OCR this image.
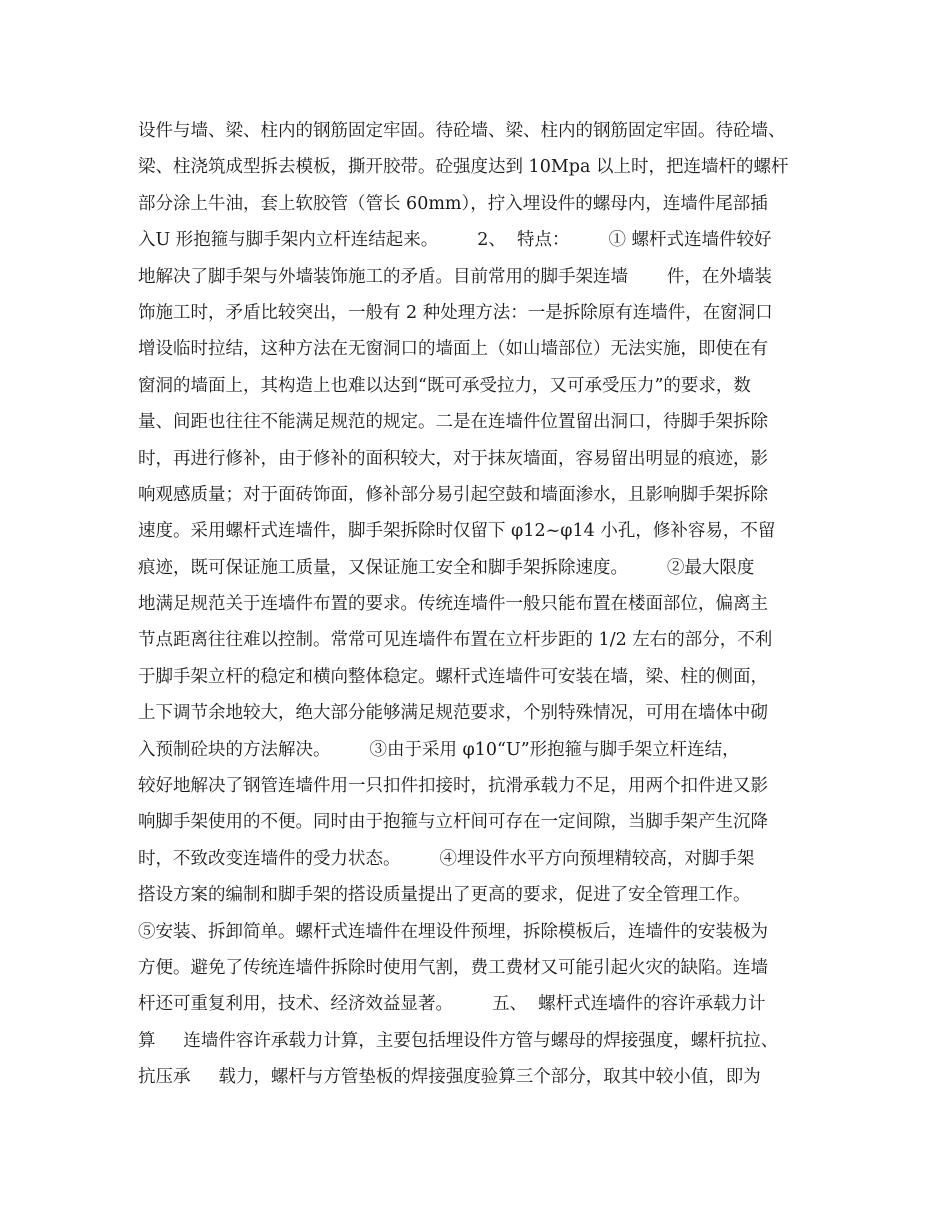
设件与墙、梁、柱内的钢筋固定牢固。待砼墙、梁、柱内的钢筋固定牢固。待砼墙、
梁、柱浇筑成型拆去模板，撕开胶带。砼强度达到 10Mpa 以上时，把连墙杆的螺杆
部分涂上牛油，套上软胶管（管长 60mm），拧入埋设件的螺母内，连墙件尾部插
入U 形抱箍与脚手架内立杆连结起来。       2、  特点：       ① 螺杆式连墙件较好
地解决了脚手架与外墙装饰施工的矛盾。目前常用的脚手架连墙       件，在外墙装
饰施工时，矛盾比较突出，一般有 2 种处理方法：一是拆除原有连墙件，在窗洞口
增设临时拉结，这种方法在无窗洞口的墙面上（如山墙部位）无法实施，即使在有
窗洞的墙面上，其构造上也难以达到“既可承受拉力，又可承受压力”的要求，数
量、间距也往往不能满足规范的规定。二是在连墙件位置留出洞口，待脚手架拆除
时，再进行修补，由于修补的面积较大，对于抹灰墙面，容易留出明显的痕迹，影
响观感质量；对于面砖饰面，修补部分易引起空鼓和墙面渗水，且影响脚手架拆除
速度。采用螺杆式连墙件，脚手架拆除时仅留下 φ12~φ14 小孔，修补容易，不留
痕迹，既可保证施工质量，又保证施工安全和脚手架拆除速度。       ②最大限度
地满足规范关于连墙件布置的要求。传统连墙件一般只能布置在楼面部位，偏离主
节点距离往往难以控制。常常可见连墙件布置在立杆步距的 1/2 左右的部分，不利
于脚手架立杆的稳定和横向整体稳定。螺杆式连墙件可安装在墙，梁、柱的侧面，
上下调节余地较大，绝大部分能够满足规范要求，个别特殊情况，可用在墙体中砌
入预制砼块的方法解决。       ③由于采用 φ10“U”形抱箍与脚手架立杆连结，
较好地解决了钢管连墙件用一只扣件扣接时，抗滑承载力不足，用两个扣件进又影
响脚手架使用的不便。同时由于抱箍与立杆间可存在一定间隙，当脚手架产生沉降
时，不致改变连墙件的受力状态。       ④埋设件水平方向预埋精较高，对脚手架
搭设方案的编制和脚手架的搭设质量提出了更高的要求，促进了安全管理工作。
⑤安装、拆卸简单。螺杆式连墙件在埋设件预埋，拆除模板后，连墙件的安装极为
方便。避免了传统连墙件拆除时使用气割，费工费材又可能引起火灾的缺陷。连墙
杆还可重复利用，技术、经济效益显著。       五、  螺杆式连墙件的容许承载力计
算     连墙件容许承载力计算，主要包括埋设件方管与螺母的焊接强度，螺杆抗拉、
抗压承     载力，螺杆与方管垫板的焊接强度验算三个部分，取其中较小值，即为
